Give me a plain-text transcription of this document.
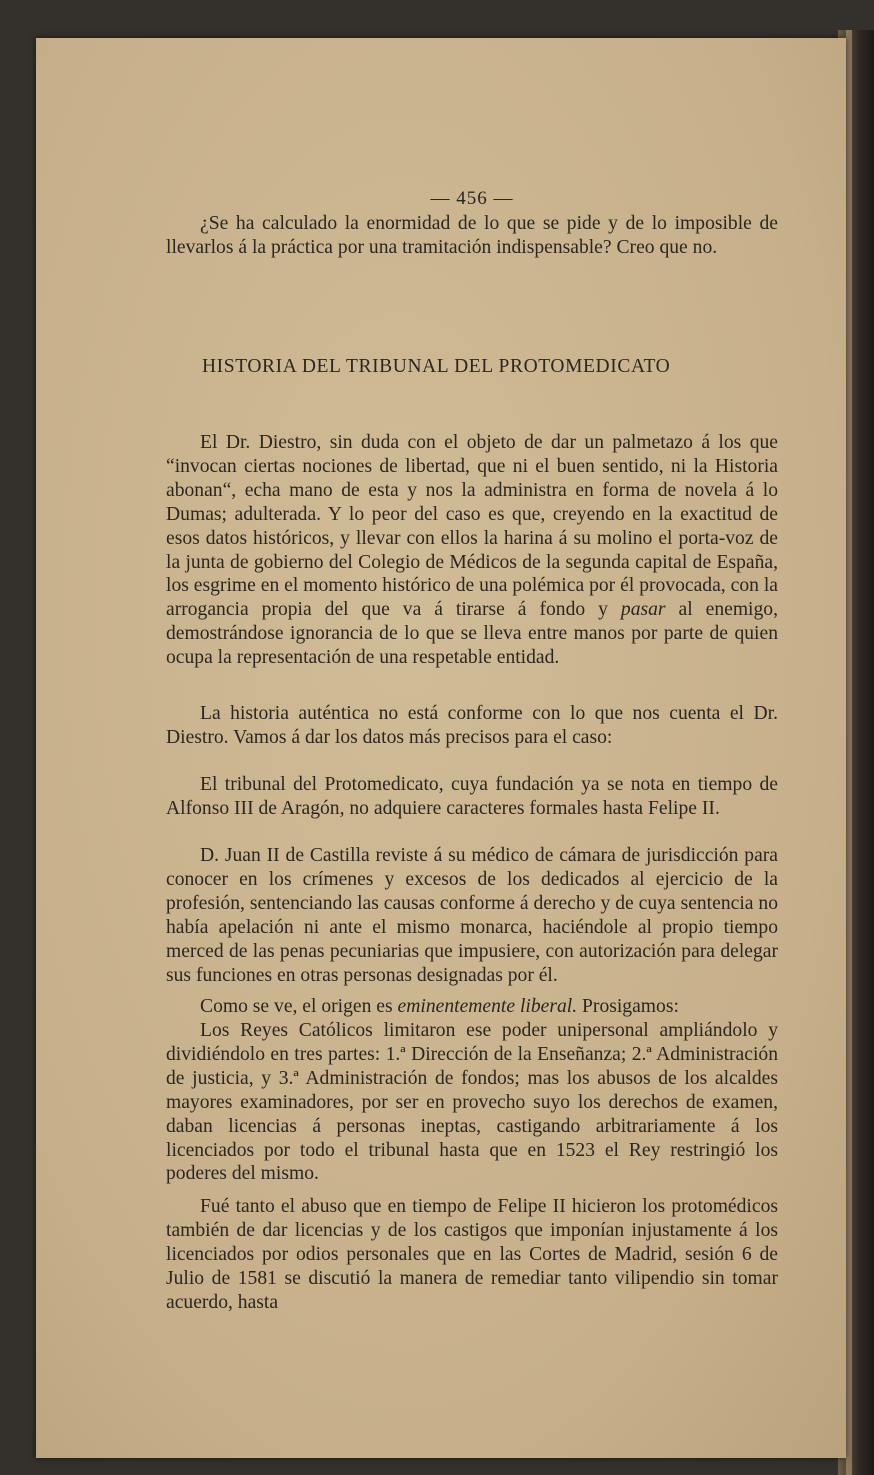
— 456 —

¿Se ha calculado la enormidad de lo que se pide y de lo imposible de llevarlos á la práctica por una tramitación indispensable? Creo que no.

HISTORIA DEL TRIBUNAL DEL PROTOMEDICATO

El Dr. Diestro, sin duda con el objeto de dar un palmetazo á los que “invocan ciertas nociones de libertad, que ni el buen sentido, ni la Historia abonan“, echa mano de esta y nos la administra en forma de novela á lo Dumas; adulterada. Y lo peor del caso es que, creyendo en la exactitud de esos datos históricos, y llevar con ellos la harina á su molino el porta-voz de la junta de gobierno del Colegio de Médicos de la segunda capital de España, los esgrime en el momento histórico de una polémica por él provocada, con la arrogancia propia del que va á tirarse á fondo y pasar al enemigo, demostrándose ignorancia de lo que se lleva entre manos por parte de quien ocupa la representación de una respetable entidad.

La historia auténtica no está conforme con lo que nos cuenta el Dr. Diestro. Vamos á dar los datos más precisos para el caso:

El tribunal del Protomedicato, cuya fundación ya se nota en tiempo de Alfonso III de Aragón, no adquiere caracteres formales hasta Felipe II.

D. Juan II de Castilla reviste á su médico de cámara de jurisdicción para conocer en los crímenes y excesos de los dedicados al ejercicio de la profesión, sentenciando las causas conforme á derecho y de cuya sentencia no había apelación ni ante el mismo monarca, haciéndole al propio tiempo merced de las penas pecuniarias que impusiere, con autorización para delegar sus funciones en otras personas designadas por él.

Como se ve, el origen es eminentemente liberal. Prosigamos:

Los Reyes Católicos limitaron ese poder unipersonal ampliándolo y dividiéndolo en tres partes: 1.ª Dirección de la Enseñanza; 2.ª Administración de justicia, y 3.ª Administración de fondos; mas los abusos de los alcaldes mayores examinadores, por ser en provecho suyo los derechos de examen, daban licencias á personas ineptas, castigando arbitrariamente á los licenciados por todo el tribunal hasta que en 1523 el Rey restringió los poderes del mismo.

Fué tanto el abuso que en tiempo de Felipe II hicieron los protomédicos también de dar licencias y de los castigos que imponían injustamente á los licenciados por odios personales que en las Cortes de Madrid, sesión 6 de Julio de 1581 se discutió la manera de remediar tanto vilipendio sin tomar acuerdo, hasta
